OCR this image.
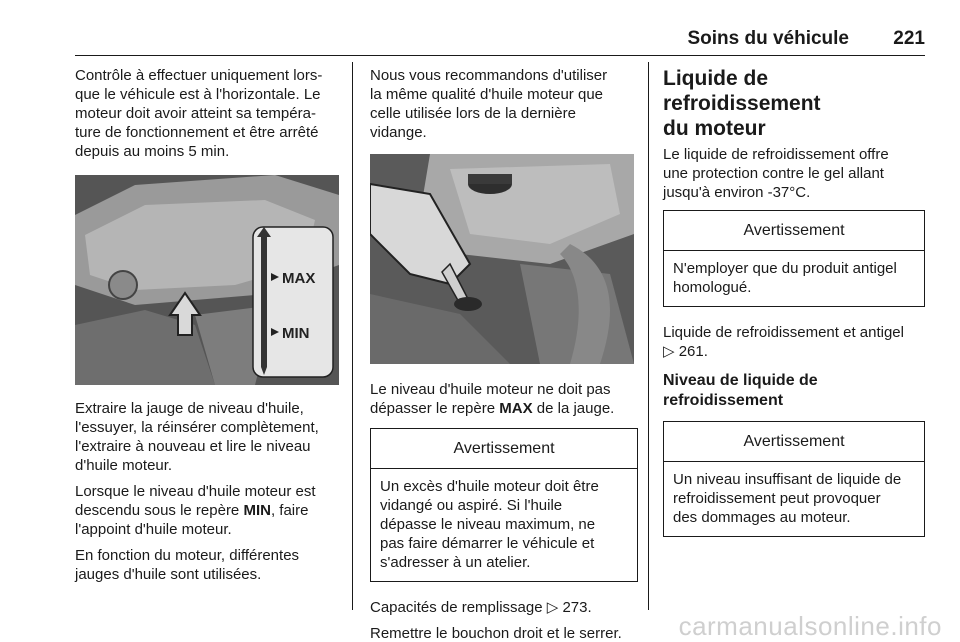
Soins du véhicule 221

Contrôle à effectuer uniquement lors-
que le véhicule est à l'horizontale. Le
moteur doit avoir atteint sa tempéra-
ture de fonctionnement et être arrêté
depuis au moins 5 min.

MAX
MIN

Extraire la jauge de niveau d'huile,
l'essuyer, la réinsérer complètement,
l'extraire à nouveau et lire le niveau
d'huile moteur.

Lorsque le niveau d'huile moteur est
descendu sous le repère MIN, faire
l'appoint d'huile moteur.

En fonction du moteur, différentes
jauges d'huile sont utilisées.

Nous vous recommandons d'utiliser
la même qualité d'huile moteur que
celle utilisée lors de la dernière
vidange.

Le niveau d'huile moteur ne doit pas
dépasser le repère MAX de la jauge.

Avertissement
Un excès d'huile moteur doit être
vidangé ou aspiré. Si l'huile
dépasse le niveau maximum, ne
pas faire démarrer le véhicule et
s'adresser à un atelier.

Capacités de remplissage ▷ 273.

Remettre le bouchon droit et le serrer.

Liquide de refroidissement
du moteur

Le liquide de refroidissement offre
une protection contre le gel allant
jusqu'à environ -37°C.

Avertissement
N'employer que du produit antigel
homologué.

Liquide de refroidissement et antigel
▷ 261.

Niveau de liquide de
refroidissement
Avertissement
Un niveau insuffisant de liquide de
refroidissement peut provoquer
des dommages au moteur.
carmanualsonline.info
